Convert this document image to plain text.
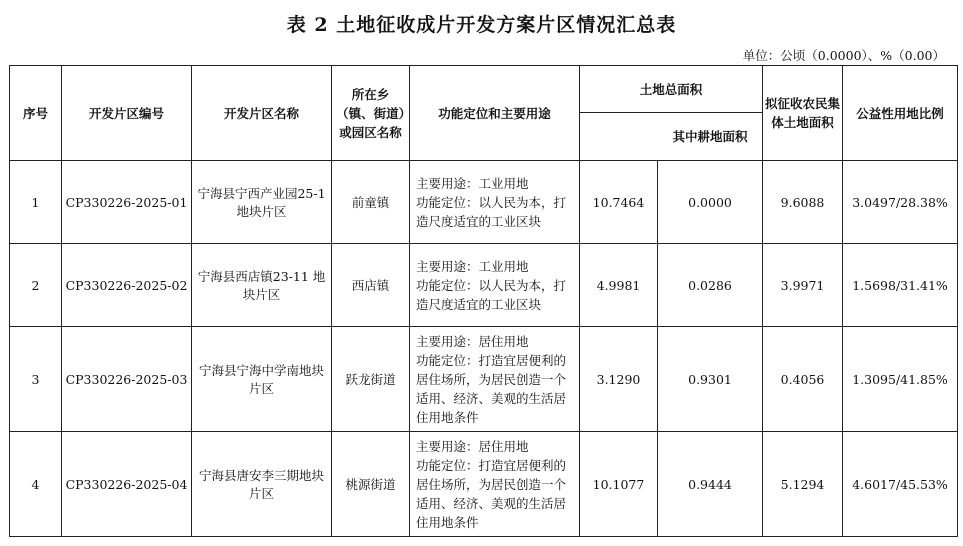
表 2 土地征收成片开发方案片区情况汇总表
单位：公顷（0.0000）、%（0.00）
序号	开发片区编号	开发片区名称	所在乡（镇、街道）或园区名称	功能定位和主要用途	土地总面积		拟征收农民集体土地面积	公益性用地比例
					其中耕地面积			
1	CP330226-2025-01	宁海县宁西产业园25-1 地块片区	前童镇	主要用途：工业用地
功能定位：以人民为本，打造尺度适宜的工业区块	10.7464	0.0000	9.6088	3.0497/28.38%
2	CP330226-2025-02	宁海县西店镇23-11 地块片区	西店镇	主要用途：工业用地
功能定位：以人民为本，打造尺度适宜的工业区块	4.9981	0.0286	3.9971	1.5698/31.41%
3	CP330226-2025-03	宁海县宁海中学南地块片区	跃龙街道	主要用途：居住用地
功能定位：打造宜居便利的居住场所，为居民创造一个适用、经济、美观的生活居住用地条件	3.1290	0.9301	0.4056	1.3095/41.85%
4	CP330226-2025-04	宁海县唐安李三期地块片区	桃源街道	主要用途：居住用地
功能定位：打造宜居便利的居住场所，为居民创造一个适用、经济、美观的生活居住用地条件	10.1077	0.9444	5.1294	4.6017/45.53%
